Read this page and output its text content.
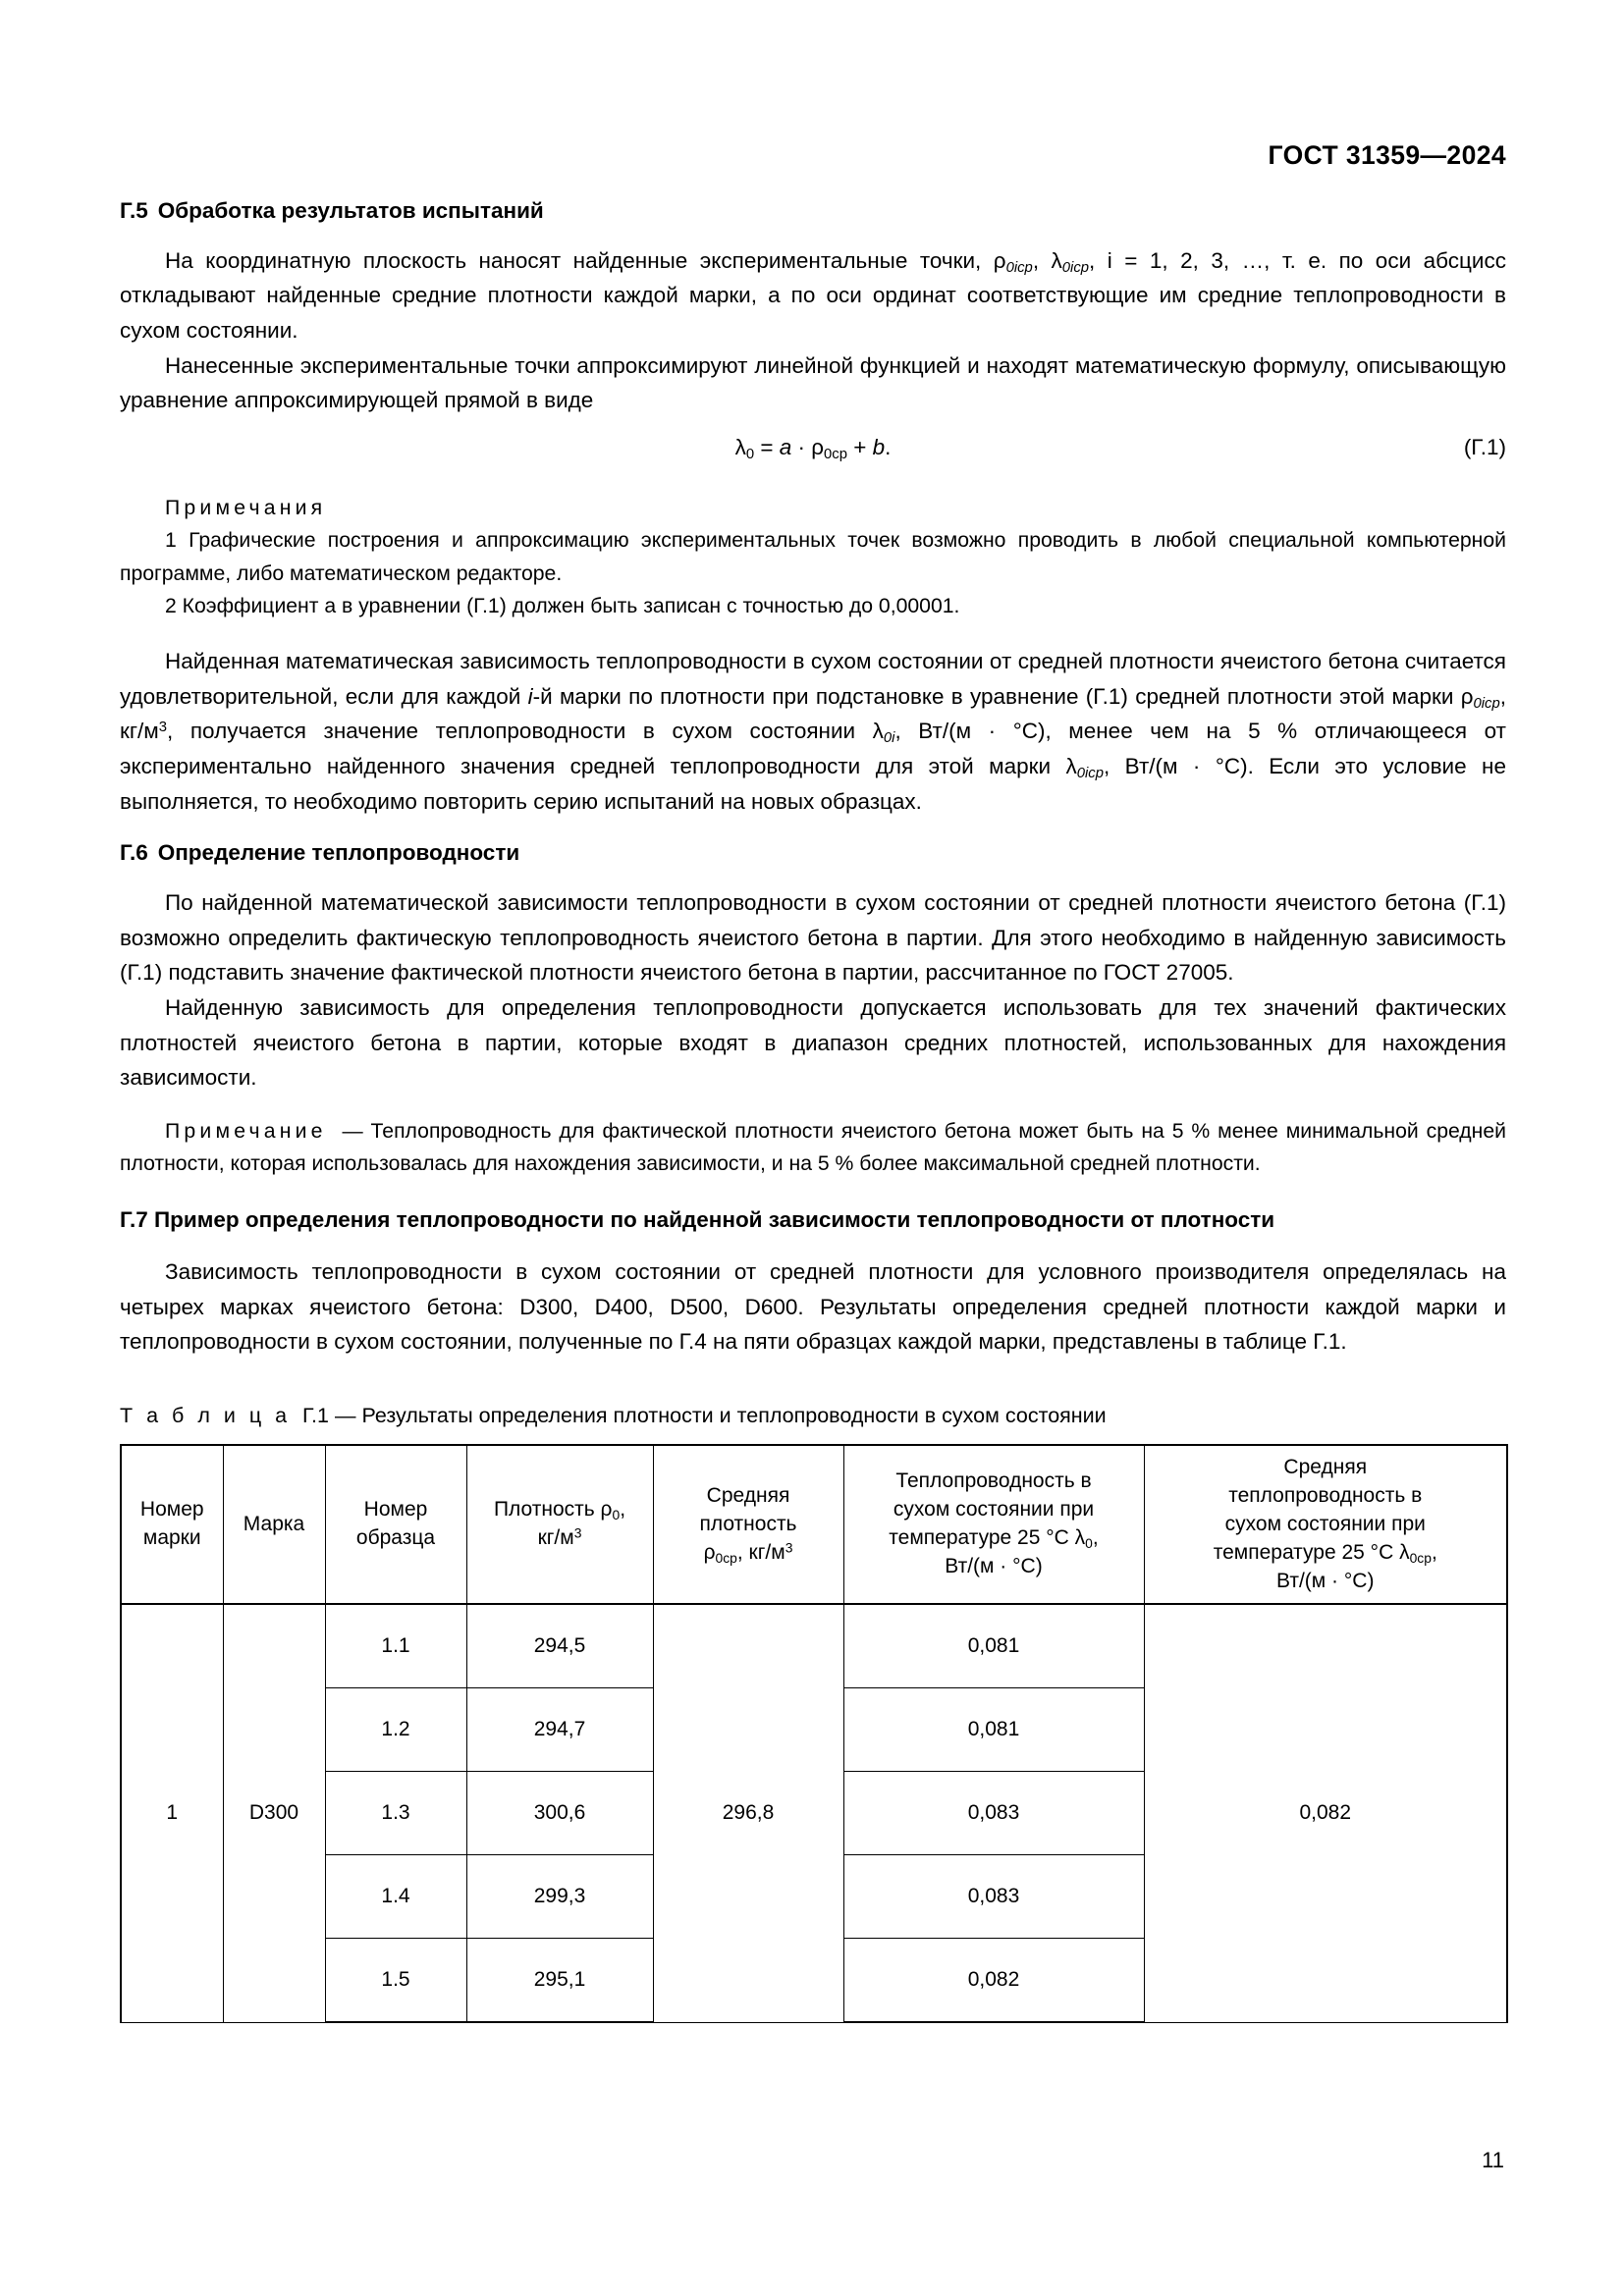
ГОСТ 31359—2024
Г.5 Обработка результатов испытаний

На координатную плоскость наносят найденные экспериментальные точки, $\rho_{0iср}$, $\lambda_{0iср}$, i = 1, 2, 3, …, т. е. по оси абсцисс откладывают найденные средние плотности каждой марки, а по оси ординат соответствующие им средние теплопроводности в сухом состоянии.

Нанесенные экспериментальные точки аппроксимируют линейной функцией и находят математическую формулу, описывающую уравнение аппроксимирующей прямой в виде

$\lambda_0 = a \cdot \rho_{0ср} + b$.	(Г.1)

Примечания

1 Графические построения и аппроксимацию экспериментальных точек возможно проводить в любой специальной компьютерной программе, либо математическом редакторе.

2 Коэффициент a в уравнении (Г.1) должен быть записан с точностью до 0,00001.

Найденная математическая зависимость теплопроводности в сухом состоянии от средней плотности ячеистого бетона считается удовлетворительной, если для каждой i-й марки по плотности при подстановке в уравнение (Г.1) средней плотности этой марки $\rho_{0iср}$, $кг/м^3$, получается значение теплопроводности в сухом состоянии $\lambda_{0i}$, Вт/(м · °С), менее чем на 5 % отличающееся от экспериментально найденного значения средней теплопроводности для этой марки $\lambda_{0iср}$, Вт/(м · °С). Если это условие не выполняется, то необходимо повторить серию испытаний на новых образцах.

Г.6 Определение теплопроводности

По найденной математической зависимости теплопроводности в сухом состоянии от средней плотности ячеистого бетона (Г.1) возможно определить фактическую теплопроводность ячеистого бетона в партии. Для этого необходимо в найденную зависимость (Г.1) подставить значение фактической плотности ячеистого бетона в партии, рассчитанное по ГОСТ 27005.

Найденную зависимость для определения теплопроводности допускается использовать для тех значений фактических плотностей ячеистого бетона в партии, которые входят в диапазон средних плотностей, использованных для нахождения зависимости.

Примечание — Теплопроводность для фактической плотности ячеистого бетона может быть на 5 % менее минимальной средней плотности, которая использовалась для нахождения зависимости, и на 5 % более максимальной средней плотности.

Г.7 Пример определения теплопроводности по найденной зависимости теплопроводности от плотности

Зависимость теплопроводности в сухом состоянии от средней плотности для условного производителя определялась на четырех марках ячеистого бетона: D300, D400, D500, D600. Результаты определения средней плотности каждой марки и теплопроводности в сухом состоянии, полученные по Г.4 на пяти образцах каждой марки, представлены в таблице Г.1.

Т а б л и ц а Г.1 — Результаты определения плотности и теплопроводности в сухом состоянии

Номер марки	Марка	Номер образца	Плотность $\rho_0$,
$кг/м^3$	Средняя
плотность
$\rho_{0ср}$, $кг/м^3$	Теплопроводность в
сухом состоянии при
температуре 25 °С $\lambda_0$,
Вт/(м · °С)	Средняя
теплопроводность в
сухом состоянии при
температуре 25 °С $\lambda_{0ср}$,
Вт/(м · °С)
1	D300	1.1	294,5	296,8	0,081	0,082
		1.2	294,7		0,081	
		1.3	300,6		0,083	
		1.4	299,3		0,083	
		1.5	295,1		0,082	
11
